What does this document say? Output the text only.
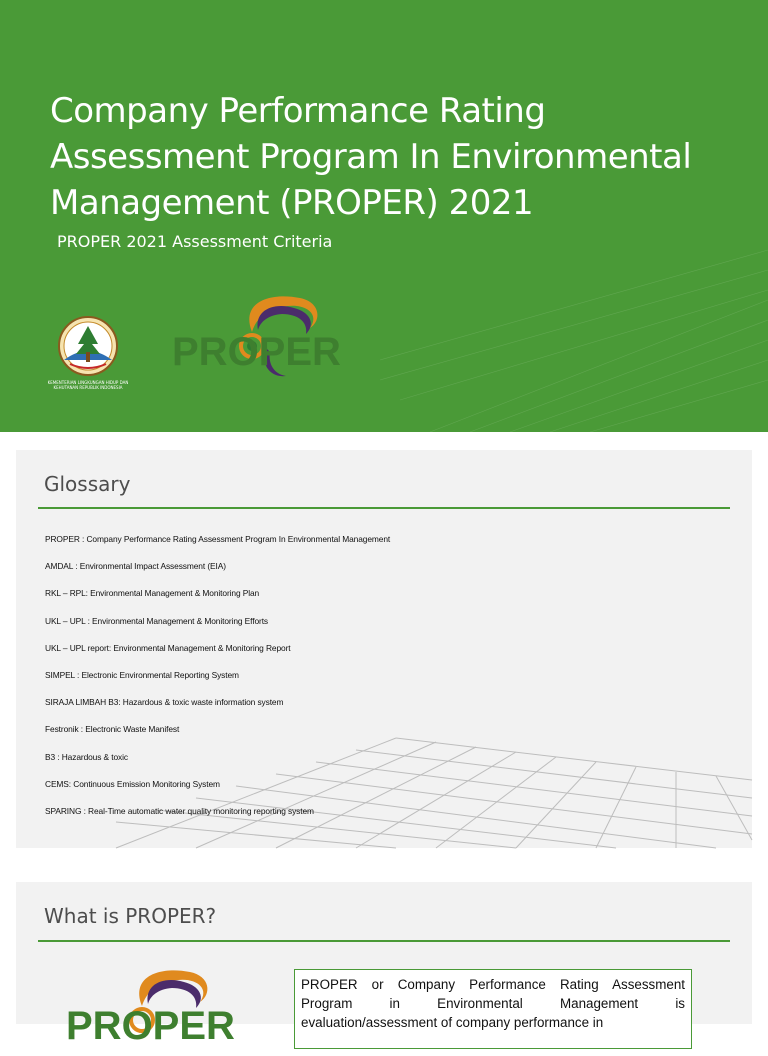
Company Performance Rating Assessment Program In Environmental Management (PROPER) 2021
PROPER 2021 Assessment Criteria
KEMENTERIAN LINGKUNGAN HIDUP DAN KEHUTANAN REPUBLIK INDONESIA
PROPER
Glossary
PROPER : Company Performance Rating Assessment Program In Environmental Management
AMDAL : Environmental Impact Assessment (EIA)
RKL – RPL: Environmental Management & Monitoring Plan
UKL – UPL : Environmental Management & Monitoring Efforts
UKL – UPL report: Environmental Management & Monitoring Report
SIMPEL : Electronic Environmental Reporting System
SIRAJA LIMBAH B3: Hazardous & toxic waste information system
Festronik : Electronic Waste Manifest
B3 : Hazardous & toxic
CEMS: Continuous Emission Monitoring System
SPARING : Real-Time automatic water quality monitoring reporting system
What is PROPER?
PROPER
PROPER or Company Performance Rating Assessment Program in Environmental Management is evaluation/assessment of company performance in
